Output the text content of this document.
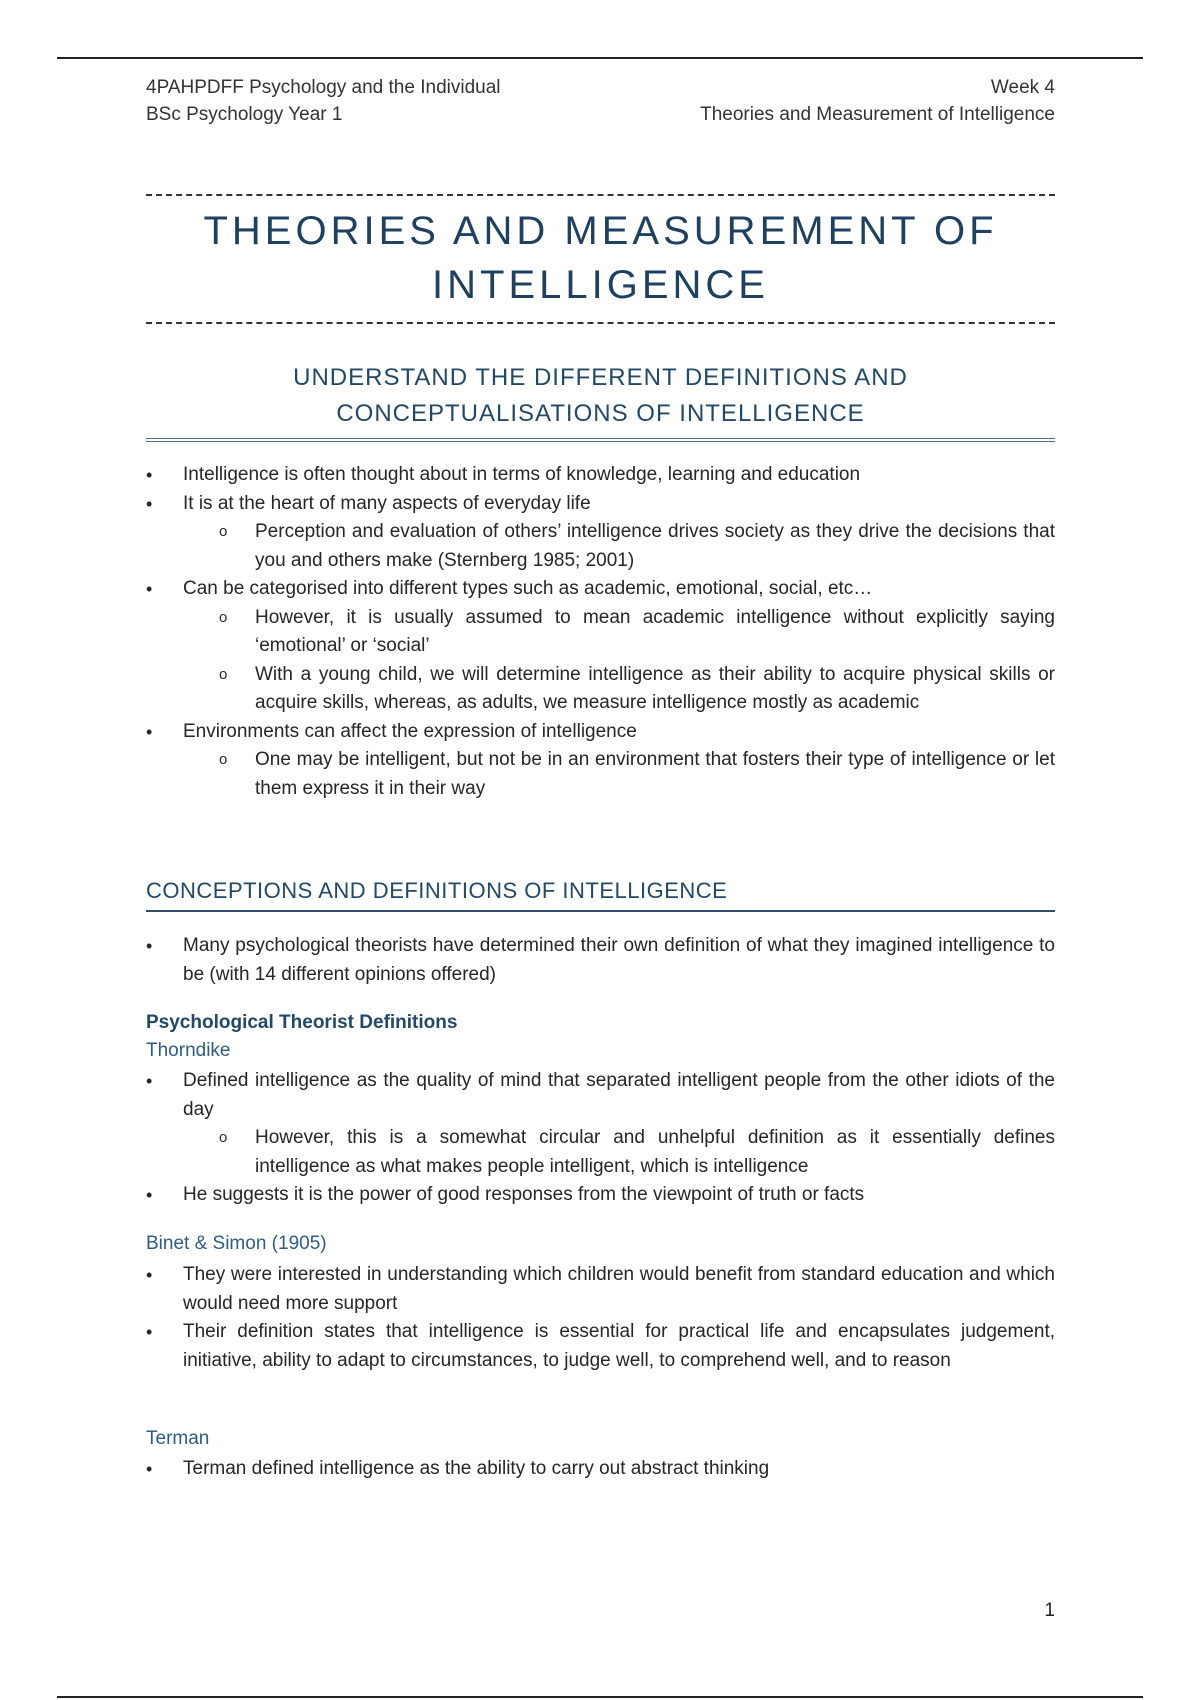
4PAHPDFF Psychology and the Individual
BSc Psychology Year 1
Week 4
Theories and Measurement of Intelligence
THEORIES AND MEASUREMENT OF
INTELLIGENCE
UNDERSTAND THE DIFFERENT DEFINITIONS AND
CONCEPTUALISATIONS OF INTELLIGENCE
•	Intelligence is often thought about in terms of knowledge, learning and education
•	It is at the heart of many aspects of everyday life
o Perception and evaluation of others’ intelligence drives society as they drive the decisions that you and others make (Sternberg 1985; 2001)
•	Can be categorised into different types such as academic, emotional, social, etc…
o However, it is usually assumed to mean academic intelligence without explicitly saying ‘emotional’ or ‘social’
o With a young child, we will determine intelligence as their ability to acquire physical skills or acquire skills, whereas, as adults, we measure intelligence mostly as academic
•	Environments can affect the expression of intelligence
o One may be intelligent, but not be in an environment that fosters their type of intelligence or let them express it in their way
CONCEPTIONS AND DEFINITIONS OF INTELLIGENCE
•	Many psychological theorists have determined their own definition of what they imagined intelligence to be (with 14 different opinions offered)
Psychological Theorist Definitions
Thorndike
•	Defined intelligence as the quality of mind that separated intelligent people from the other idiots of the day
o However, this is a somewhat circular and unhelpful definition as it essentially defines intelligence as what makes people intelligent, which is intelligence
•	He suggests it is the power of good responses from the viewpoint of truth or facts
Binet & Simon (1905)
•	They were interested in understanding which children would benefit from standard education and which would need more support
•	Their definition states that intelligence is essential for practical life and encapsulates judgement, initiative, ability to adapt to circumstances, to judge well, to comprehend well, and to reason
Terman
•	Terman defined intelligence as the ability to carry out abstract thinking
1
